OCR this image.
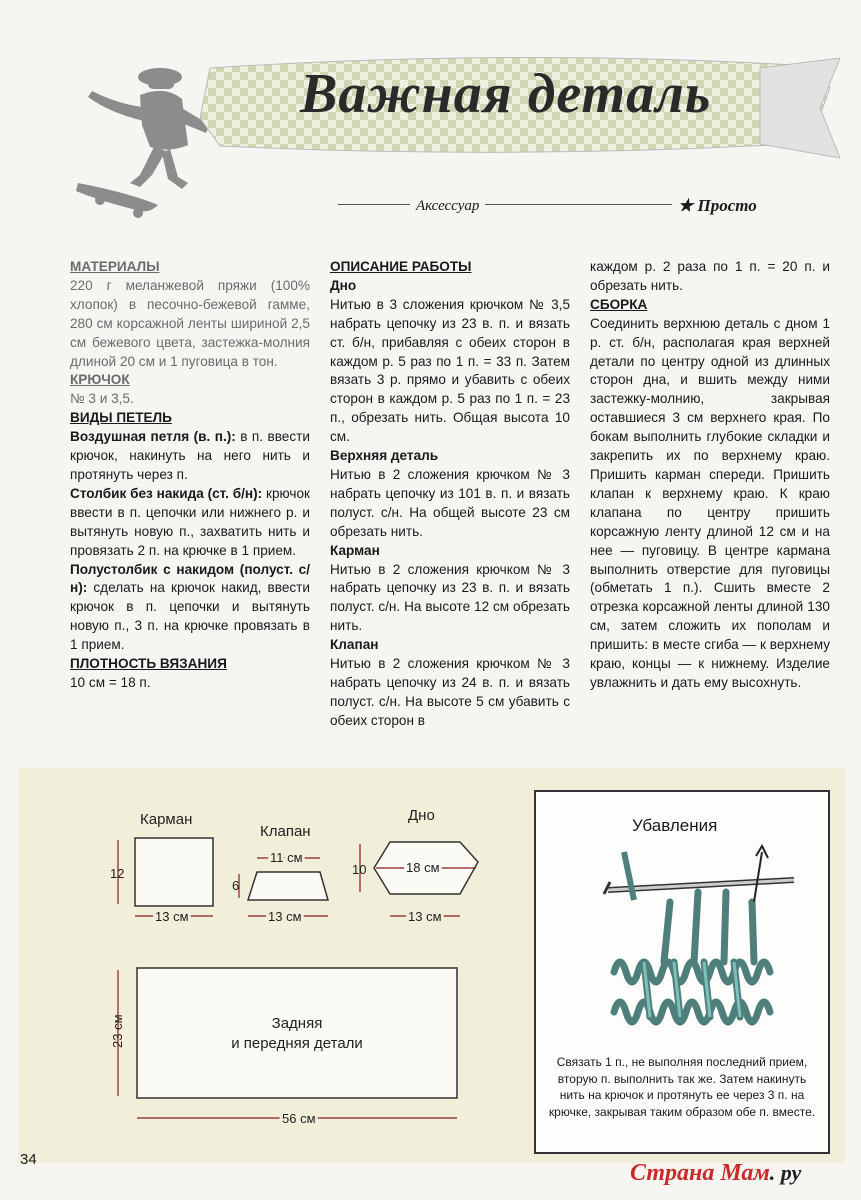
Важная деталь
Аксессуар	★ Просто

МАТЕРИАЛЫ

220 г меланжевой пряжи (100% хлопок) в песочно-бежевой гамме, 280 см корсажной ленты шириной 2,5 см бежевого цвета, застежка-молния длиной 20 см и 1 пуговица в тон.

КРЮЧОК

№ 3 и 3,5.

ВИДЫ ПЕТЕЛЬ

Воздушная петля (в. п.): в п. ввести крючок, накинуть на него нить и протянуть через п.

Столбик без накида (ст. б/н): крючок ввести в п. цепочки или нижнего р. и вытянуть новую п., захватить нить и провязать 2 п. на крючке в 1 прием.

Полустолбик с накидом (полуст. с/н): сделать на крючок накид, ввести крючок в п. цепочки и вытянуть новую п., 3 п. на крючке провязать в 1 прием.

ПЛОТНОСТЬ ВЯЗАНИЯ

10 см = 18 п.

ОПИСАНИЕ РАБОТЫ

Дно

Нитью в 3 сложения крючком № 3,5 набрать цепочку из 23 в. п. и вязать ст. б/н, прибавляя с обеих сторон в каждом р. 5 раз по 1 п. = 33 п. Затем вязать 3 р. прямо и убавить с обеих сторон в каждом р. 5 раз по 1 п. = 23 п., обрезать нить. Общая высота 10 см.

Верхняя деталь

Нитью в 2 сложения крючком № 3 набрать цепочку из 101 в. п. и вязать полуст. с/н. На общей высоте 23 см обрезать нить.

Карман

Нитью в 2 сложения крючком № 3 набрать цепочку из 23 в. п. и вязать полуст. с/н. На высоте 12 см обрезать нить.

Клапан

Нитью в 2 сложения крючком № 3 набрать цепочку из 24 в. п. и вязать полуст. с/н. На высоте 5 см убавить с обеих сторон в

каждом р. 2 раза по 1 п. = 20 п. и обрезать нить.

СБОРКА

Соединить верхнюю деталь с дном 1 р. ст. б/н, располагая края верхней детали по центру одной из длинных сторон дна, и вшить между ними застежку-молнию, закрывая оставшиеся 3 см верхнего края. По бокам выполнить глубокие складки и закрепить их по верхнему краю. Пришить карман спереди. Пришить клапан к верхнему краю. К краю клапана по центру пришить корсажную ленту длиной 12 см и на нее — пуговицу. В центре кармана выполнить отверстие для пуговицы (обметать 1 п.). Сшить вместе 2 отрезка корсажной ленты длиной 130 см, затем сложить их пополам и пришить: в месте сгиба — к верхнему краю, концы — к нижнему. Изделие увлажнить и дать ему высохнуть.

Карман
13 см
12
Клапан
11 см
13 см
6
Дно
18 см
13 см
10
Задняя
и передняя детали
56 см
23 см
Убавления
Связать 1 п., не выполняя последний прием, вторую п. выполнить так же. Затем накинуть нить на крючок и протянуть ее через 3 п. на крючке, закрывая таким образом обе п. вместе.
34
Страна Мам. ру
